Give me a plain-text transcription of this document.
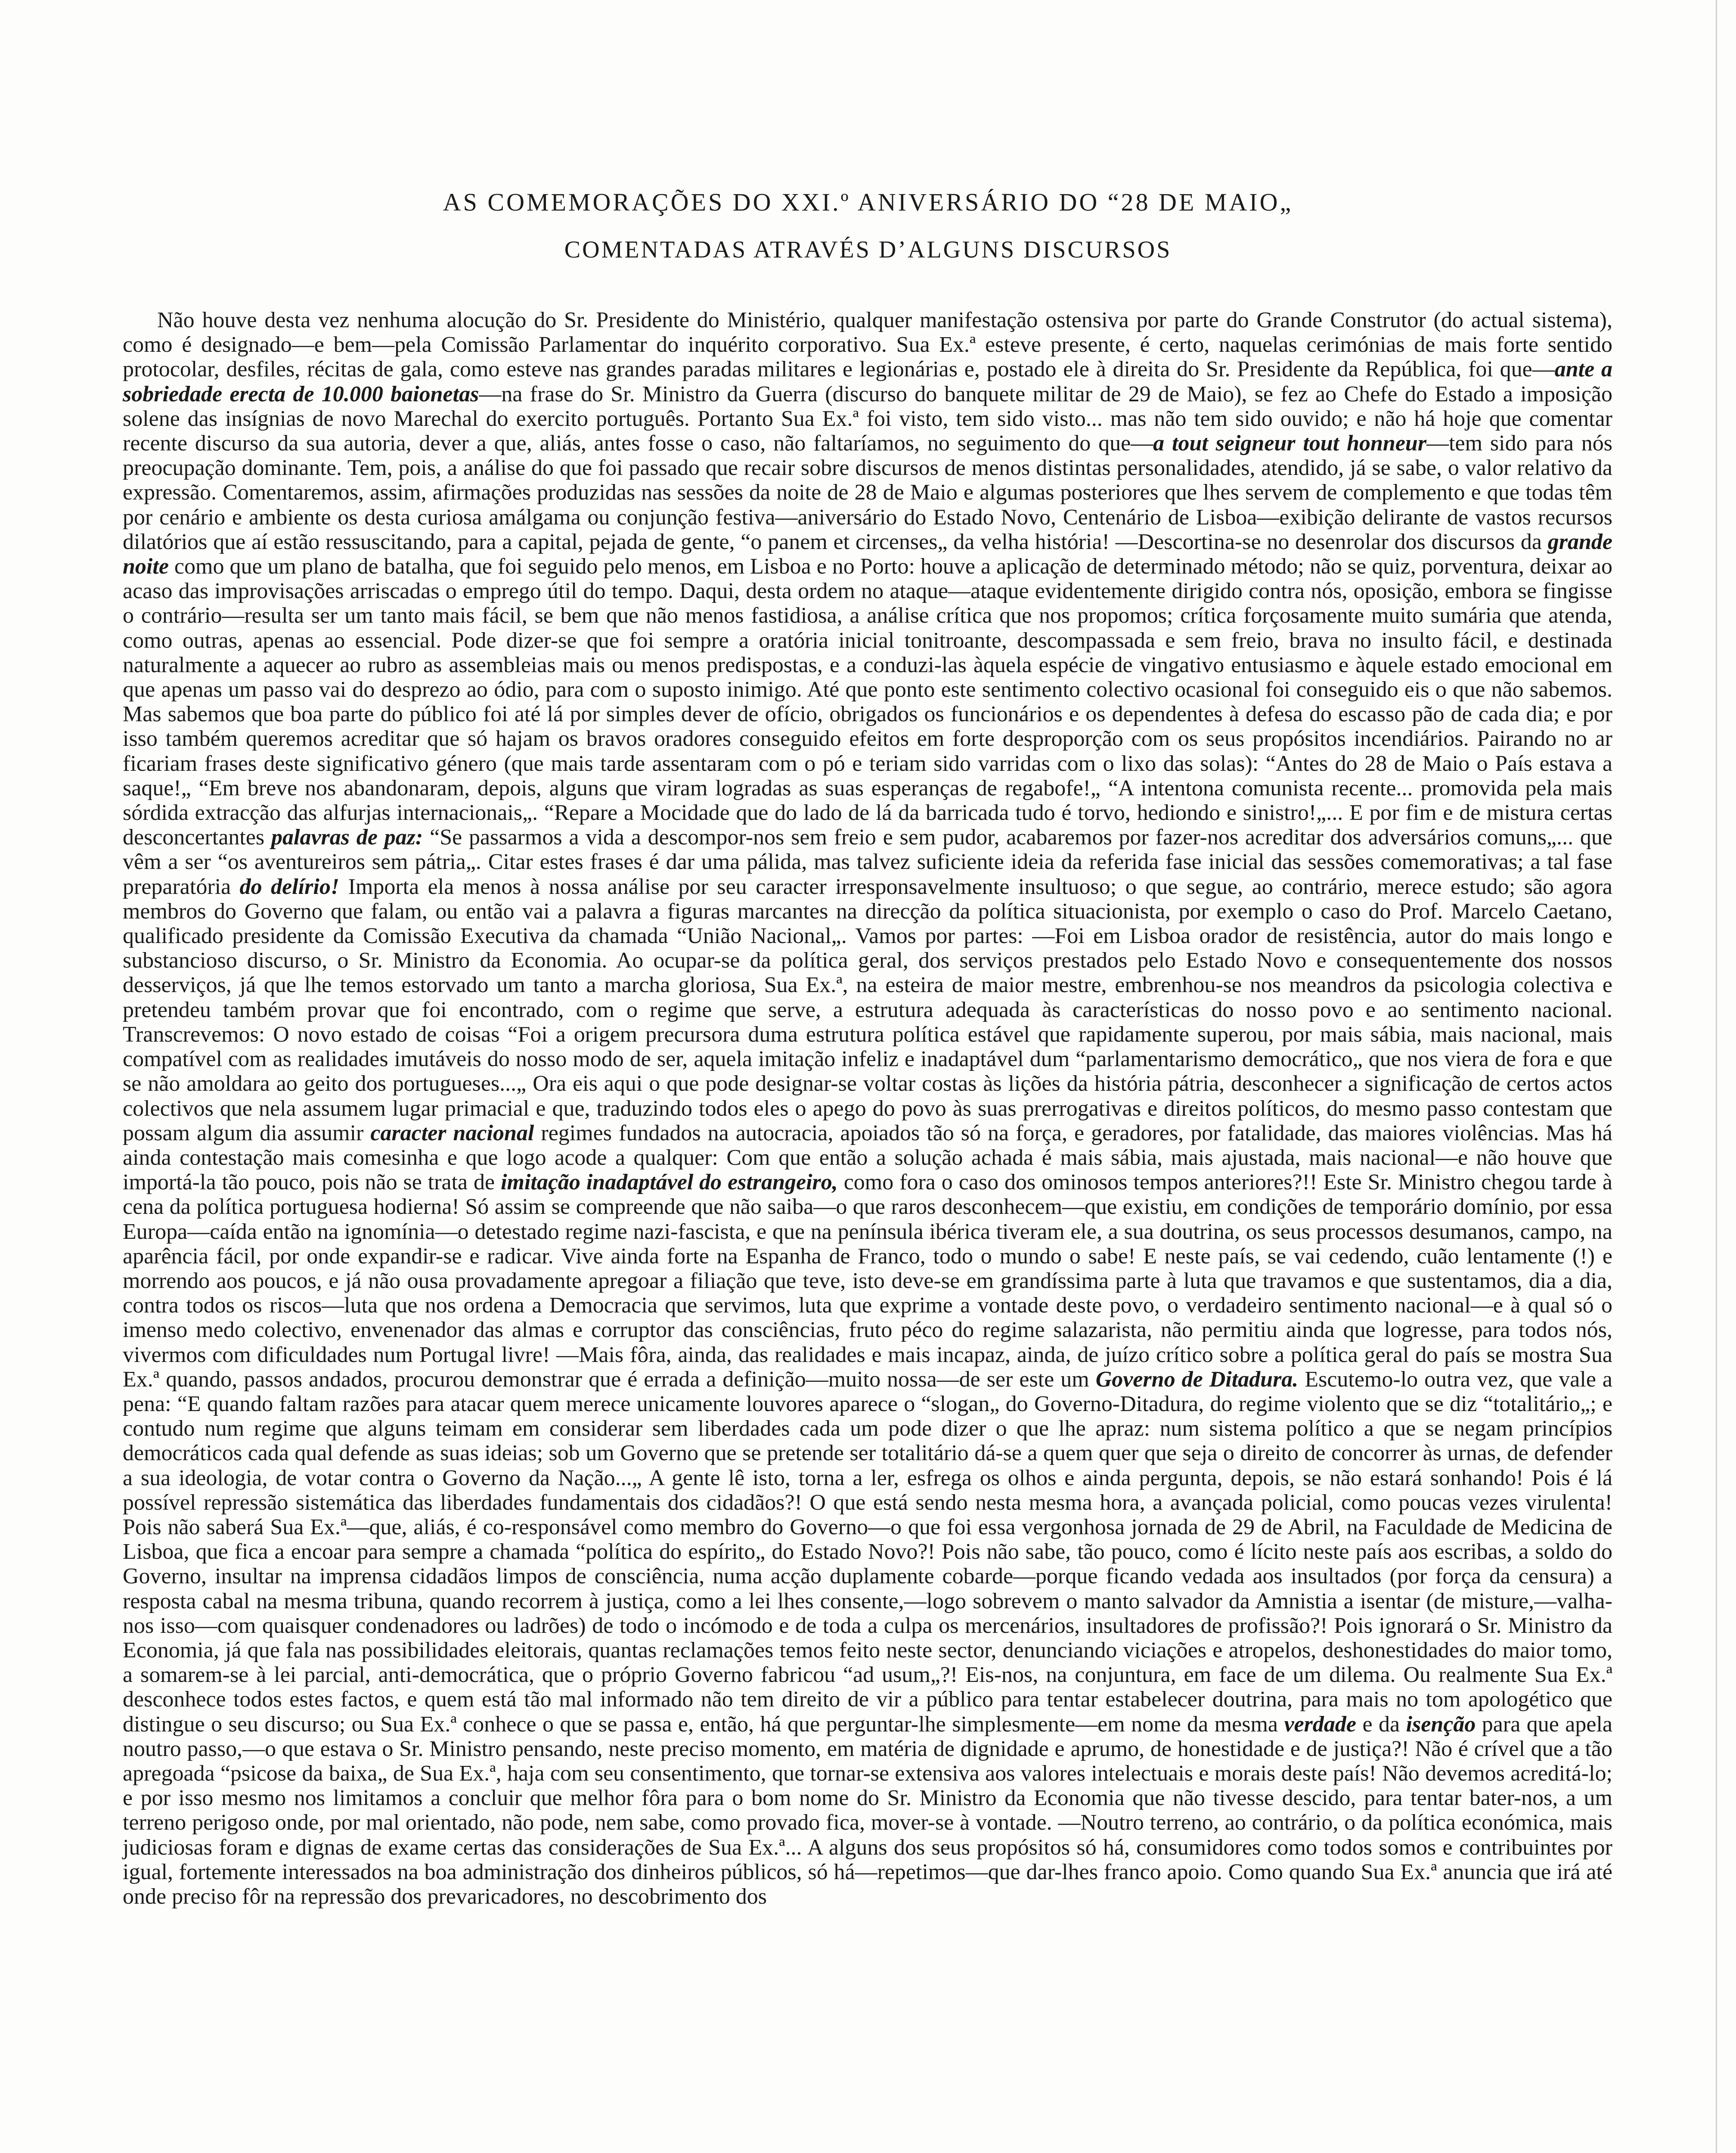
AS COMEMORAÇÕES DO XXI.º ANIVERSÁRIO DO “28 DE MAIO„
COMENTADAS ATRAVÉS D’ALGUNS DISCURSOS

Não houve desta vez nenhuma alocução do Sr. Presidente do Ministério, qualquer manifestação ostensiva por parte do Grande Construtor (do actual sistema), como é designado—e bem—pela Comissão Parlamentar do inquérito corporativo. Sua Ex.ª esteve presente, é certo, naquelas cerimónias de mais forte sentido protocolar, desfiles, récitas de gala, como esteve nas grandes paradas militares e legionárias e, postado ele à direita do Sr. Presidente da República, foi que—ante a sobriedade erecta de 10.000 baionetas—na frase do Sr. Ministro da Guerra (discurso do banquete militar de 29 de Maio), se fez ao Chefe do Estado a imposição solene das insígnias de novo Marechal do exercito português. Portanto Sua Ex.ª foi visto, tem sido visto... mas não tem sido ouvido; e não há hoje que comentar recente discurso da sua autoria, dever a que, aliás, antes fosse o caso, não faltaríamos, no seguimento do que—a tout seigneur tout honneur—tem sido para nós preocupação dominante. Tem, pois, a análise do que foi passado que recair sobre discursos de menos distintas personalidades, atendido, já se sabe, o valor relativo da expressão. Comentaremos, assim, afirmações produzidas nas sessões da noite de 28 de Maio e algumas posteriores que lhes servem de complemento e que todas têm por cenário e ambiente os desta curiosa amálgama ou conjunção festiva—aniversário do Estado Novo, Centenário de Lisboa—exibição delirante de vastos recursos dilatórios que aí estão ressuscitando, para a capital, pejada de gente, “o panem et circenses„ da velha história! —Descortina-se no desenrolar dos discursos da grande noite como que um plano de batalha, que foi seguido pelo menos, em Lisboa e no Porto: houve a aplicação de determinado método; não se quiz, porventura, deixar ao acaso das improvisações arriscadas o emprego útil do tempo. Daqui, desta ordem no ataque—ataque evidentemente dirigido contra nós, oposição, embora se fingisse o contrário—resulta ser um tanto mais fácil, se bem que não menos fastidiosa, a análise crítica que nos propomos; crítica forçosamente muito sumária que atenda, como outras, apenas ao essencial. Pode dizer-se que foi sempre a oratória inicial tonitroante, descompassada e sem freio, brava no insulto fácil, e destinada naturalmente a aquecer ao rubro as assembleias mais ou menos predispostas, e a conduzi-las àquela espécie de vingativo entusiasmo e àquele estado emocional em que apenas um passo vai do desprezo ao ódio, para com o suposto inimigo. Até que ponto este sentimento colectivo ocasional foi conseguido eis o que não sabemos. Mas sabemos que boa parte do público foi até lá por simples dever de ofício, obrigados os funcionários e os dependentes à defesa do escasso pão de cada dia; e por isso também queremos acreditar que só hajam os bravos oradores conseguido efeitos em forte desproporção com os seus propósitos incendiários. Pairando no ar ficariam frases deste significativo género (que mais tarde assentaram com o pó e teriam sido varridas com o lixo das solas): “Antes do 28 de Maio o País estava a saque!„ “Em breve nos abandonaram, depois, alguns que viram logradas as suas esperanças de regabofe!„ “A intentona comunista recente... promovida pela mais sórdida extracção das alfurjas internacionais„. “Repare a Mocidade que do lado de lá da barricada tudo é torvo, hediondo e sinistro!„... E por fim e de mistura certas desconcertantes palavras de paz: “Se passarmos a vida a descompor-nos sem freio e sem pudor, acabaremos por fazer-nos acreditar dos adversários comuns„... que vêm a ser “os aventureiros sem pátria„. Citar estes frases é dar uma pálida, mas talvez suficiente ideia da referida fase inicial das sessões comemorativas; a tal fase preparatória do delírio! Importa ela menos à nossa análise por seu caracter irresponsavelmente insultuoso; o que segue, ao contrário, merece estudo; são agora membros do Governo que falam, ou então vai a palavra a figuras marcantes na direcção da política situacionista, por exemplo o caso do Prof. Marcelo Caetano, qualificado presidente da Comissão Executiva da chamada “União Nacional„. Vamos por partes: —Foi em Lisboa orador de resistência, autor do mais longo e substancioso discurso, o Sr. Ministro da Economia. Ao ocupar-se da política geral, dos serviços prestados pelo Estado Novo e consequentemente dos nossos desserviços, já que lhe temos estorvado um tanto a marcha gloriosa, Sua Ex.ª, na esteira de maior mestre, embrenhou-se nos meandros da psicologia colectiva e pretendeu também provar que foi encontrado, com o regime que serve, a estrutura adequada às características do nosso povo e ao sentimento nacional. Transcrevemos: O novo estado de coisas “Foi a origem precursora duma estrutura política estável que rapidamente superou, por mais sábia, mais nacional, mais compatível com as realidades imutáveis do nosso modo de ser, aquela imitação infeliz e inadaptável dum “parlamentarismo democrático„ que nos viera de fora e que se não amoldara ao geito dos portugueses...„ Ora eis aqui o que pode designar-se voltar costas às lições da história pátria, desconhecer a significação de certos actos colectivos que nela assumem lugar primacial e que, traduzindo todos eles o apego do povo às suas prerrogativas e direitos políticos, do mesmo passo contestam que possam algum dia assumir caracter nacional regimes fundados na autocracia, apoiados tão só na força, e geradores, por fatalidade, das maiores violências. Mas há ainda contestação mais comesinha e que logo acode a qualquer: Com que então a solução achada é mais sábia, mais ajustada, mais nacional—e não houve que importá-la tão pouco, pois não se trata de imitação inadaptável do estrangeiro, como fora o caso dos ominosos tempos anteriores?!! Este Sr. Ministro chegou tarde à cena da política portuguesa hodierna! Só assim se compreende que não saiba—o que raros desconhecem—que existiu, em condições de temporário domínio, por essa Europa—caída então na ignomínia—o detestado regime nazi-fascista, e que na península ibérica tiveram ele, a sua doutrina, os seus processos desumanos, campo, na aparência fácil, por onde expandir-se e radicar. Vive ainda forte na Espanha de Franco, todo o mundo o sabe! E neste país, se vai cedendo, cuão lentamente (!) e morrendo aos poucos, e já não ousa provadamente apregoar a filiação que teve, isto deve-se em grandíssima parte à luta que travamos e que sustentamos, dia a dia, contra todos os riscos—luta que nos ordena a Democracia que servimos, luta que exprime a vontade deste povo, o verdadeiro sentimento nacional—e à qual só o imenso medo colectivo, envenenador das almas e corruptor das consciências, fruto péco do regime salazarista, não permitiu ainda que logresse, para todos nós, vivermos com dificuldades num Portugal livre! —Mais fôra, ainda, das realidades e mais incapaz, ainda, de juízo crítico sobre a política geral do país se mostra Sua Ex.ª quando, passos andados, procurou demonstrar que é errada a definição—muito nossa—de ser este um Governo de Ditadura. Escutemo-lo outra vez, que vale a pena: “E quando faltam razões para atacar quem merece unicamente louvores aparece o “slogan„ do Governo-Ditadura, do regime violento que se diz “totalitário„; e contudo num regime que alguns teimam em considerar sem liberdades cada um pode dizer o que lhe apraz: num sistema político a que se negam princípios democráticos cada qual defende as suas ideias; sob um Governo que se pretende ser totalitário dá-se a quem quer que seja o direito de concorrer às urnas, de defender a sua ideologia, de votar contra o Governo da Nação...„ A gente lê isto, torna a ler, esfrega os olhos e ainda pergunta, depois, se não estará sonhando! Pois é lá possível repressão sistemática das liberdades fundamentais dos cidadãos?! O que está sendo nesta mesma hora, a avançada policial, como poucas vezes virulenta! Pois não saberá Sua Ex.ª—que, aliás, é co-responsável como membro do Governo—o que foi essa vergonhosa jornada de 29 de Abril, na Faculdade de Medicina de Lisboa, que fica a encoar para sempre a chamada “política do espírito„ do Estado Novo?! Pois não sabe, tão pouco, como é lícito neste país aos escribas, a soldo do Governo, insultar na imprensa cidadãos limpos de consciência, numa acção duplamente cobarde—porque ficando vedada aos insultados (por força da censura) a resposta cabal na mesma tribuna, quando recorrem à justiça, como a lei lhes consente,—logo sobrevem o manto salvador da Amnistia a isentar (de misture,—valha-nos isso—com quaisquer condenadores ou ladrões) de todo o incómodo e de toda a culpa os mercenários, insultadores de profissão?! Pois ignorará o Sr. Ministro da Economia, já que fala nas possibilidades eleitorais, quantas reclamações temos feito neste sector, denunciando viciações e atropelos, deshonestidades do maior tomo, a somarem-se à lei parcial, anti-democrática, que o próprio Governo fabricou “ad usum„?! Eis-nos, na conjuntura, em face de um dilema. Ou realmente Sua Ex.ª desconhece todos estes factos, e quem está tão mal informado não tem direito de vir a público para tentar estabelecer doutrina, para mais no tom apologético que distingue o seu discurso; ou Sua Ex.ª conhece o que se passa e, então, há que perguntar-lhe simplesmente—em nome da mesma verdade e da isenção para que apela noutro passo,—o que estava o Sr. Ministro pensando, neste preciso momento, em matéria de dignidade e aprumo, de honestidade e de justiça?! Não é crível que a tão apregoada “psicose da baixa„ de Sua Ex.ª, haja com seu consentimento, que tornar-se extensiva aos valores intelectuais e morais deste país! Não devemos acreditá-lo; e por isso mesmo nos limitamos a concluir que melhor fôra para o bom nome do Sr. Ministro da Economia que não tivesse descido, para tentar bater-nos, a um terreno perigoso onde, por mal orientado, não pode, nem sabe, como provado fica, mover-se à vontade. —Noutro terreno, ao contrário, o da política económica, mais judiciosas foram e dignas de exame certas das considerações de Sua Ex.ª... A alguns dos seus propósitos só há, consumidores como todos somos e contribuintes por igual, fortemente interessados na boa administração dos dinheiros públicos, só há—repetimos—que dar-lhes franco apoio. Como quando Sua Ex.ª anuncia que irá até onde preciso fôr na repressão dos prevaricadores, no descobrimento dos
